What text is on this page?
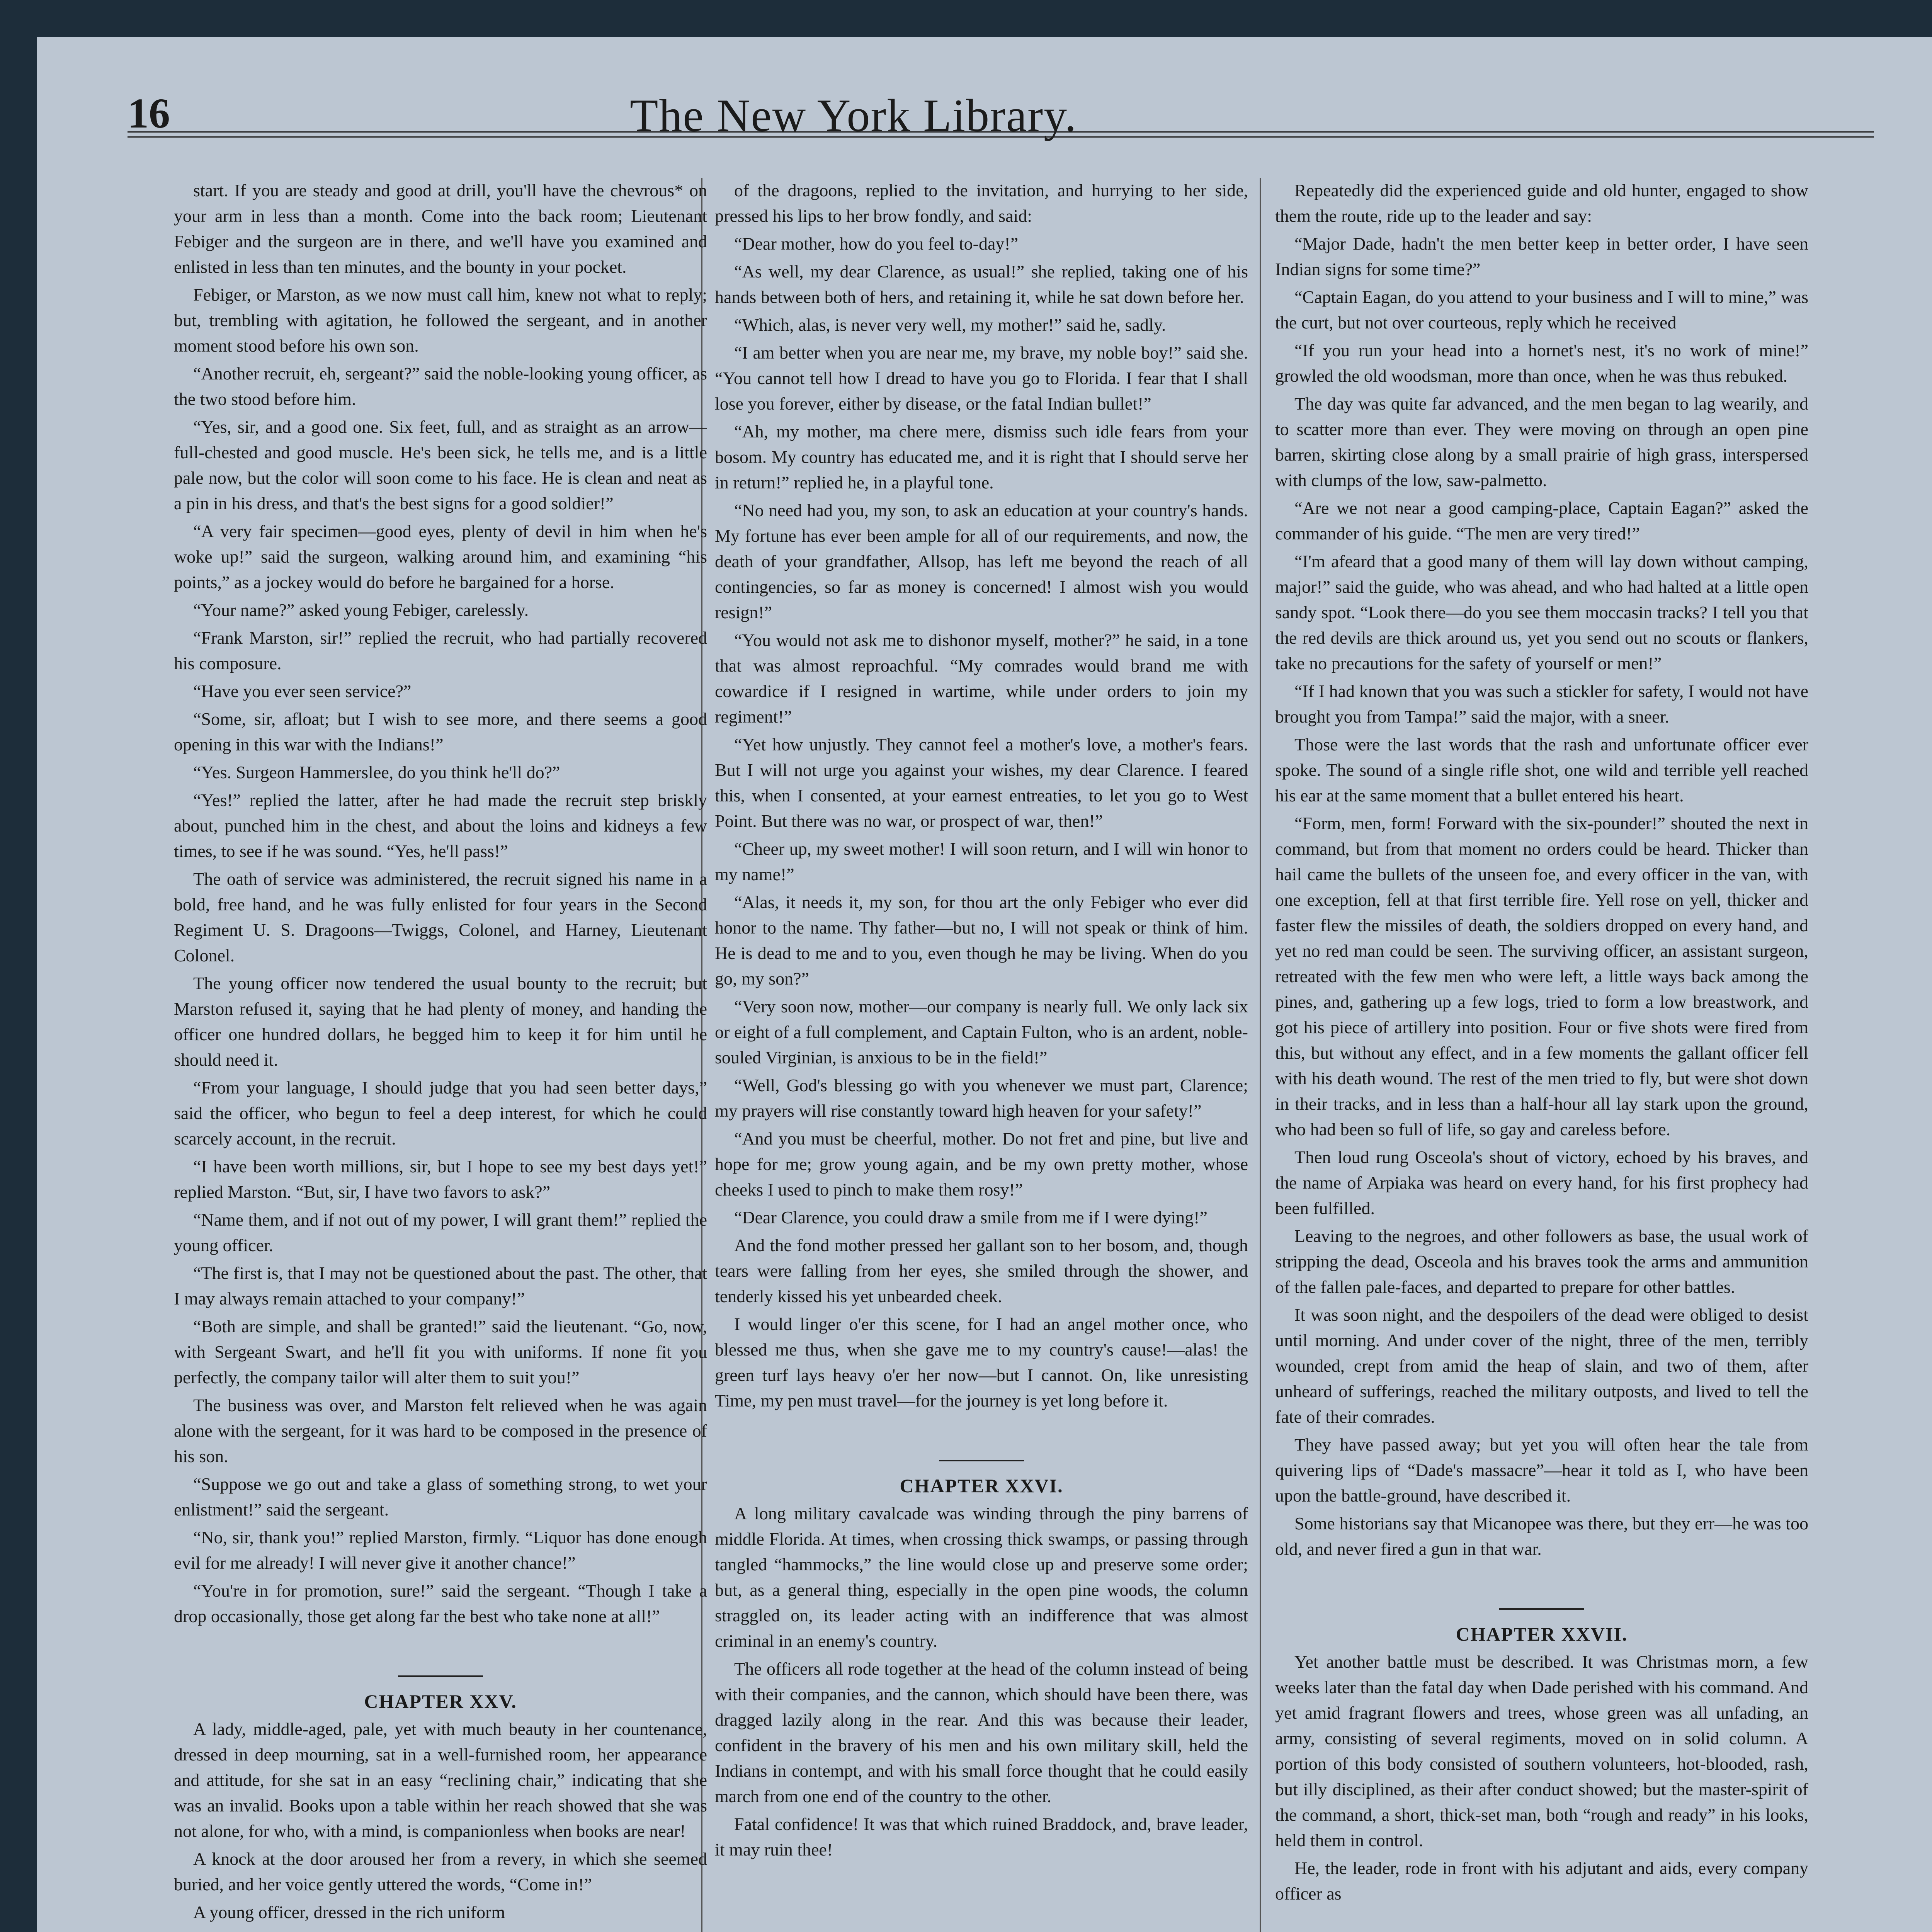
16	The New York Library.

start. If you are steady and good at drill, you'll have the chevrous* on your arm in less than a month. Come into the back room; Lieutenant Febiger and the surgeon are in there, and we'll have you examined and enlisted in less than ten minutes, and the bounty in your pocket.

Febiger, or Marston, as we now must call him, knew not what to reply; but, trembling with agitation, he followed the sergeant, and in another moment stood before his own son.

“Another recruit, eh, sergeant?” said the noble-looking young officer, as the two stood before him.

“Yes, sir, and a good one. Six feet, full, and as straight as an arrow—full-chested and good muscle. He's been sick, he tells me, and is a little pale now, but the color will soon come to his face. He is clean and neat as a pin in his dress, and that's the best signs for a good soldier!”

“A very fair specimen—good eyes, plenty of devil in him when he's woke up!” said the surgeon, walking around him, and examining “his points,” as a jockey would do before he bargained for a horse.

“Your name?” asked young Febiger, carelessly.

“Frank Marston, sir!” replied the recruit, who had partially recovered his composure.

“Have you ever seen service?”

“Some, sir, afloat; but I wish to see more, and there seems a good opening in this war with the Indians!”

“Yes. Surgeon Hammerslee, do you think he'll do?”

“Yes!” replied the latter, after he had made the recruit step briskly about, punched him in the chest, and about the loins and kidneys a few times, to see if he was sound. “Yes, he'll pass!”

The oath of service was administered, the recruit signed his name in a bold, free hand, and he was fully enlisted for four years in the Second Regiment U. S. Dragoons—Twiggs, Colonel, and Harney, Lieutenant Colonel.

The young officer now tendered the usual bounty to the recruit; but Marston refused it, saying that he had plenty of money, and handing the officer one hundred dollars, he begged him to keep it for him until he should need it.

“From your language, I should judge that you had seen better days,” said the officer, who begun to feel a deep interest, for which he could scarcely account, in the recruit.

“I have been worth millions, sir, but I hope to see my best days yet!” replied Marston. “But, sir, I have two favors to ask?”

“Name them, and if not out of my power, I will grant them!” replied the young officer.

“The first is, that I may not be questioned about the past. The other, that I may always remain attached to your company!”

“Both are simple, and shall be granted!” said the lieutenant. “Go, now, with Sergeant Swart, and he'll fit you with uniforms. If none fit you perfectly, the company tailor will alter them to suit you!”

The business was over, and Marston felt relieved when he was again alone with the sergeant, for it was hard to be composed in the presence of his son.

“Suppose we go out and take a glass of something strong, to wet your enlistment!” said the sergeant.

“No, sir, thank you!” replied Marston, firmly. “Liquor has done enough evil for me already! I will never give it another chance!”

“You're in for promotion, sure!” said the sergeant. “Though I take a drop occasionally, those get along far the best who take none at all!”

CHAPTER XXV.

A lady, middle-aged, pale, yet with much beauty in her countenance, dressed in deep mourning, sat in a well-furnished room, her appearance and attitude, for she sat in an easy “reclining chair,” indicating that she was an invalid. Books upon a table within her reach showed that she was not alone, for who, with a mind, is companionless when books are near!

A knock at the door aroused her from a revery, in which she seemed buried, and her voice gently uttered the words, “Come in!”

A young officer, dressed in the rich uniform

of the dragoons, replied to the invitation, and hurrying to her side, pressed his lips to her brow fondly, and said:

“Dear mother, how do you feel to-day!”

“As well, my dear Clarence, as usual!” she replied, taking one of his hands between both of hers, and retaining it, while he sat down before her.

“Which, alas, is never very well, my mother!” said he, sadly.

“I am better when you are near me, my brave, my noble boy!” said she. “You cannot tell how I dread to have you go to Florida. I fear that I shall lose you forever, either by disease, or the fatal Indian bullet!”

“Ah, my mother, ma chere mere, dismiss such idle fears from your bosom. My country has educated me, and it is right that I should serve her in return!” replied he, in a playful tone.

“No need had you, my son, to ask an education at your country's hands. My fortune has ever been ample for all of our requirements, and now, the death of your grandfather, Allsop, has left me beyond the reach of all contingencies, so far as money is concerned! I almost wish you would resign!”

“You would not ask me to dishonor myself, mother?” he said, in a tone that was almost reproachful. “My comrades would brand me with cowardice if I resigned in wartime, while under orders to join my regiment!”

“Yet how unjustly. They cannot feel a mother's love, a mother's fears. But I will not urge you against your wishes, my dear Clarence. I feared this, when I consented, at your earnest entreaties, to let you go to West Point. But there was no war, or prospect of war, then!”

“Cheer up, my sweet mother! I will soon return, and I will win honor to my name!”

“Alas, it needs it, my son, for thou art the only Febiger who ever did honor to the name. Thy father—but no, I will not speak or think of him. He is dead to me and to you, even though he may be living. When do you go, my son?”

“Very soon now, mother—our company is nearly full. We only lack six or eight of a full complement, and Captain Fulton, who is an ardent, noble-souled Virginian, is anxious to be in the field!”

“Well, God's blessing go with you whenever we must part, Clarence; my prayers will rise constantly toward high heaven for your safety!”

“And you must be cheerful, mother. Do not fret and pine, but live and hope for me; grow young again, and be my own pretty mother, whose cheeks I used to pinch to make them rosy!”

“Dear Clarence, you could draw a smile from me if I were dying!”

And the fond mother pressed her gallant son to her bosom, and, though tears were falling from her eyes, she smiled through the shower, and tenderly kissed his yet unbearded cheek.

I would linger o'er this scene, for I had an angel mother once, who blessed me thus, when she gave me to my country's cause!—alas! the green turf lays heavy o'er her now—but I cannot. On, like unresisting Time, my pen must travel—for the journey is yet long before it.

CHAPTER XXVI.

A long military cavalcade was winding through the piny barrens of middle Florida. At times, when crossing thick swamps, or passing through tangled “hammocks,” the line would close up and preserve some order; but, as a general thing, especially in the open pine woods, the column straggled on, its leader acting with an indifference that was almost criminal in an enemy's country.

The officers all rode together at the head of the column instead of being with their companies, and the cannon, which should have been there, was dragged lazily along in the rear. And this was because their leader, confident in the bravery of his men and his own military skill, held the Indians in contempt, and with his small force thought that he could easily march from one end of the country to the other.

Fatal confidence! It was that which ruined Braddock, and, brave leader, it may ruin thee!

Repeatedly did the experienced guide and old hunter, engaged to show them the route, ride up to the leader and say:

“Major Dade, hadn't the men better keep in better order, I have seen Indian signs for some time?”

“Captain Eagan, do you attend to your business and I will to mine,” was the curt, but not over courteous, reply which he received

“If you run your head into a hornet's nest, it's no work of mine!” growled the old woodsman, more than once, when he was thus rebuked.

The day was quite far advanced, and the men began to lag wearily, and to scatter more than ever. They were moving on through an open pine barren, skirting close along by a small prairie of high grass, interspersed with clumps of the low, saw-palmetto.

“Are we not near a good camping-place, Captain Eagan?” asked the commander of his guide. “The men are very tired!”

“I'm afeard that a good many of them will lay down without camping, major!” said the guide, who was ahead, and who had halted at a little open sandy spot. “Look there—do you see them moccasin tracks? I tell you that the red devils are thick around us, yet you send out no scouts or flankers, take no precautions for the safety of yourself or men!”

“If I had known that you was such a stickler for safety, I would not have brought you from Tampa!” said the major, with a sneer.

Those were the last words that the rash and unfortunate officer ever spoke. The sound of a single rifle shot, one wild and terrible yell reached his ear at the same moment that a bullet entered his heart.

“Form, men, form! Forward with the six-pounder!” shouted the next in command, but from that moment no orders could be heard. Thicker than hail came the bullets of the unseen foe, and every officer in the van, with one exception, fell at that first terrible fire. Yell rose on yell, thicker and faster flew the missiles of death, the soldiers dropped on every hand, and yet no red man could be seen. The surviving officer, an assistant surgeon, retreated with the few men who were left, a little ways back among the pines, and, gathering up a few logs, tried to form a low breastwork, and got his piece of artillery into position. Four or five shots were fired from this, but without any effect, and in a few moments the gallant officer fell with his death wound. The rest of the men tried to fly, but were shot down in their tracks, and in less than a half-hour all lay stark upon the ground, who had been so full of life, so gay and careless before.

Then loud rung Osceola's shout of victory, echoed by his braves, and the name of Arpiaka was heard on every hand, for his first prophecy had been fulfilled.

Leaving to the negroes, and other followers as base, the usual work of stripping the dead, Osceola and his braves took the arms and ammunition of the fallen pale-faces, and departed to prepare for other battles.

It was soon night, and the despoilers of the dead were obliged to desist until morning. And under cover of the night, three of the men, terribly wounded, crept from amid the heap of slain, and two of them, after unheard of sufferings, reached the military outposts, and lived to tell the fate of their comrades.

They have passed away; but yet you will often hear the tale from quivering lips of “Dade's massacre”—hear it told as I, who have been upon the battle-ground, have described it.

Some historians say that Micanopee was there, but they err—he was too old, and never fired a gun in that war.

CHAPTER XXVII.

Yet another battle must be described. It was Christmas morn, a few weeks later than the fatal day when Dade perished with his command. And yet amid fragrant flowers and trees, whose green was all unfading, an army, consisting of several regiments, moved on in solid column. A portion of this body consisted of southern volunteers, hot-blooded, rash, but illy disciplined, as their after conduct showed; but the master-spirit of the command, a short, thick-set man, both “rough and ready” in his looks, held them in control.

He, the leader, rode in front with his adjutant and aids, every company officer as
